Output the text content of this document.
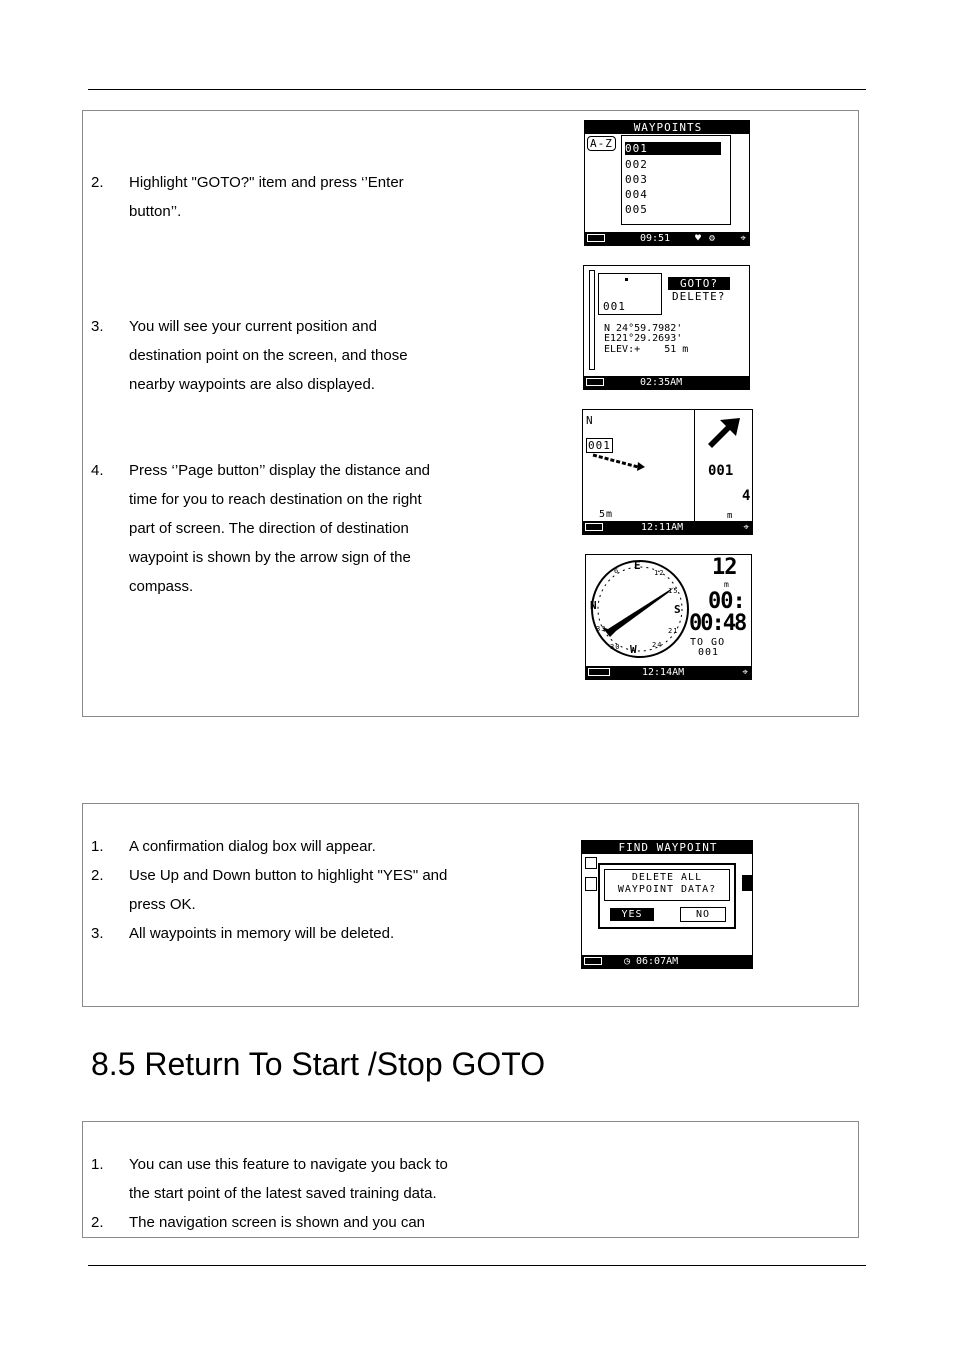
2. Highlight "GOTO?" item and press ‘’Enter
button’’.
3. You will see your current position and
destination point on the screen, and those
nearby waypoints are also displayed.
4. Press ‘’Page button’’ display the distance and
time for you to reach destination on the right
part of screen. The direction of destination
waypoint is shown by the arrow sign of the
compass.
WAYPOINTS
A-Z 001
002
003
004
005
09:51 ♥ ⚙	⌖
001
GOTO?
DELETE?
N 24°59.7982'
E121°29.2693'
ELEV:+    51 m
02:35AM
N
001
5m
001
4
m
12:11AM	⌖
N
E
S
W
6	12
15
21
24
30
33
12
m
00:
00:48
TO GO
001
12:14AM	⌖
1. A confirmation dialog box will appear.
2. Use Up and Down button to highlight "YES" and
press OK.
3. All waypoints in memory will be deleted.
FIND WAYPOINT
DELETE ALL
WAYPOINT DATA?
YES	NO
◷ 06:07AM
8.5 Return To Start /Stop GOTO
1. You can use this feature to navigate you back to
the start point of the latest saved training data.
2. The navigation screen is shown and you can
